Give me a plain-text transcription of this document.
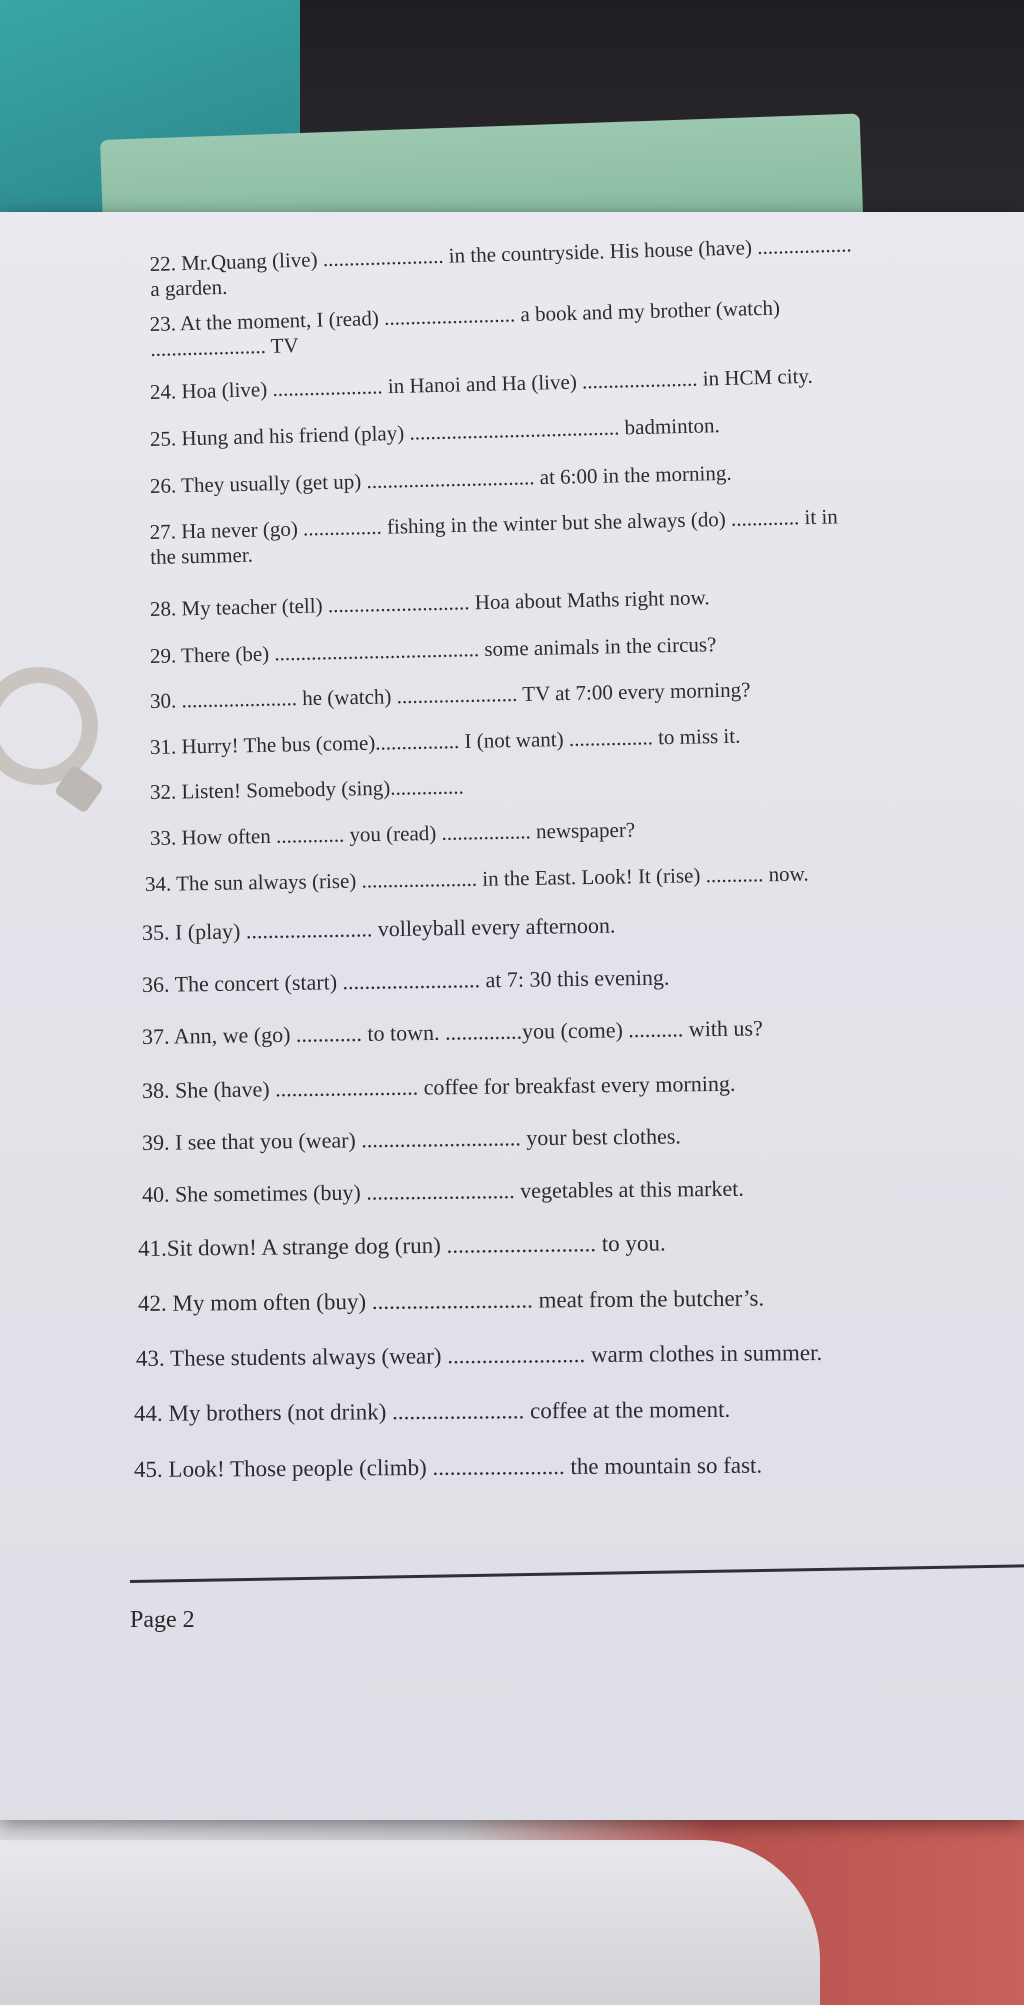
22. Mr.Quang (live) ....................... in the countryside. His house (have) ..................
a garden.
23. At the moment, I (read) ......................... a book and my brother (watch)
...................... TV
24. Hoa (live) ..................... in Hanoi and Ha (live) ...................... in HCM city.
25. Hung and his friend (play) ........................................ badminton.
26. They usually (get up) ................................ at 6:00 in the morning.
27. Ha never (go) ............... fishing in the winter but she always (do) ............. it in
the summer.
28. My teacher (tell) ........................... Hoa about Maths right now.
29. There (be) ....................................... some animals in the circus?
30. ...................... he (watch) ....................... TV at 7:00 every morning?
31. Hurry! The bus (come)................ I (not want) ................ to miss it.
32. Listen! Somebody (sing)..............
33. How often ............. you (read) ................. newspaper?
34. The sun always (rise) ...................... in the East. Look! It (rise) ........... now.
35. I (play) ....................... volleyball every afternoon.
36. The concert (start) ......................... at 7: 30 this evening.
37. Ann, we (go) ............ to town. ..............you (come) .......... with us?
38. She (have) .......................... coffee for breakfast every morning.
39. I see that you (wear) ............................. your best clothes.
40. She sometimes (buy) ........................... vegetables at this market.
41.Sit down! A strange dog (run) .......................... to you.
42. My mom often (buy) ............................ meat from the butcher’s.
43. These students always (wear) ........................ warm clothes in summer.
44. My brothers (not drink) ....................... coffee at the moment.
45. Look! Those people (climb) ....................... the mountain so fast.
Page 2
